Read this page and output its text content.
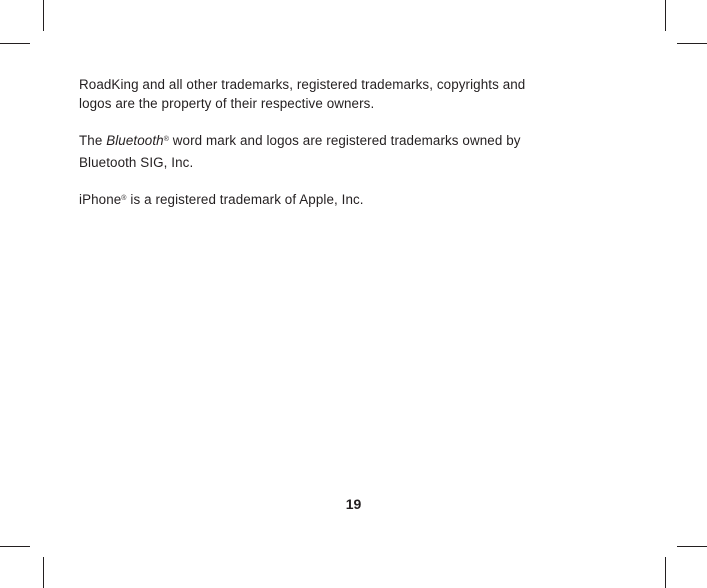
RoadKing and all other trademarks, registered trademarks, copyrights and
logos are the property of their respective owners.

The Bluetooth® word mark and logos are registered trademarks owned by
Bluetooth SIG, Inc.

iPhone® is a registered trademark of Apple, Inc.

19
